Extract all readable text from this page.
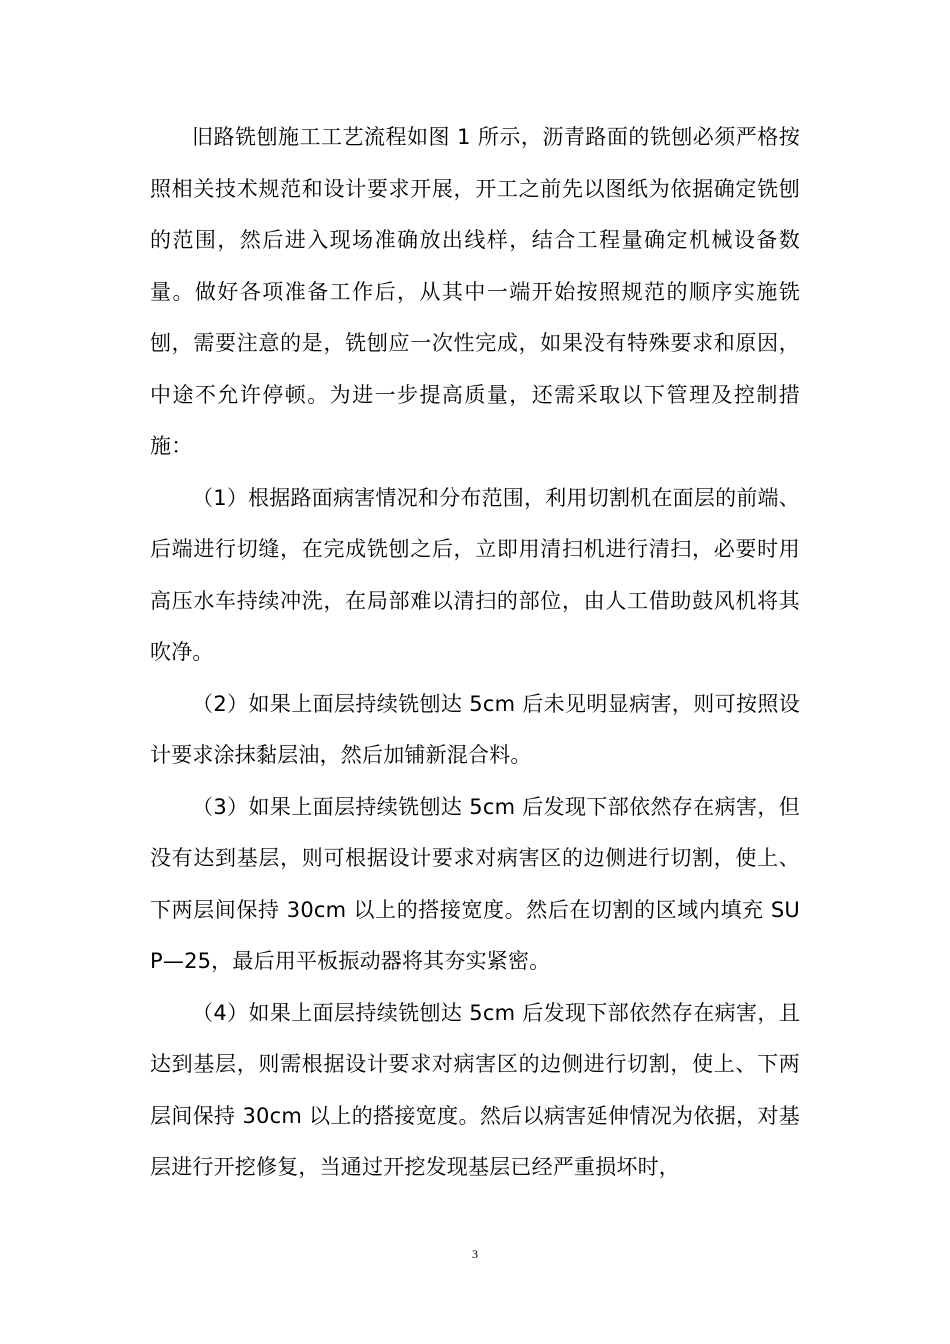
旧路铣刨施工工艺流程如图 1 所示，沥青路面的铣刨必须严格按照相关技术规范和设计要求开展，开工之前先以图纸为依据确定铣刨的范围，然后进入现场准确放出线样，结合工程量确定机械设备数量。做好各项准备工作后，从其中一端开始按照规范的顺序实施铣刨，需要注意的是，铣刨应一次性完成，如果没有特殊要求和原因，中途不允许停顿。为进一步提高质量，还需采取以下管理及控制措施：

（1）根据路面病害情况和分布范围，利用切割机在面层的前端、后端进行切缝，在完成铣刨之后，立即用清扫机进行清扫，必要时用高压水车持续冲洗，在局部难以清扫的部位，由人工借助鼓风机将其吹净。

（2）如果上面层持续铣刨达 5cm 后未见明显病害，则可按照设计要求涂抹黏层油，然后加铺新混合料。

（3）如果上面层持续铣刨达 5cm 后发现下部依然存在病害，但没有达到基层，则可根据设计要求对病害区的边侧进行切割，使上、下两层间保持 30cm 以上的搭接宽度。然后在切割的区域内填充 SUP—25，最后用平板振动器将其夯实紧密。

（4）如果上面层持续铣刨达 5cm 后发现下部依然存在病害，且达到基层，则需根据设计要求对病害区的边侧进行切割，使上、下两层间保持 30cm 以上的搭接宽度。然后以病害延伸情况为依据，对基层进行开挖修复，当通过开挖发现基层已经严重损坏时，

3
